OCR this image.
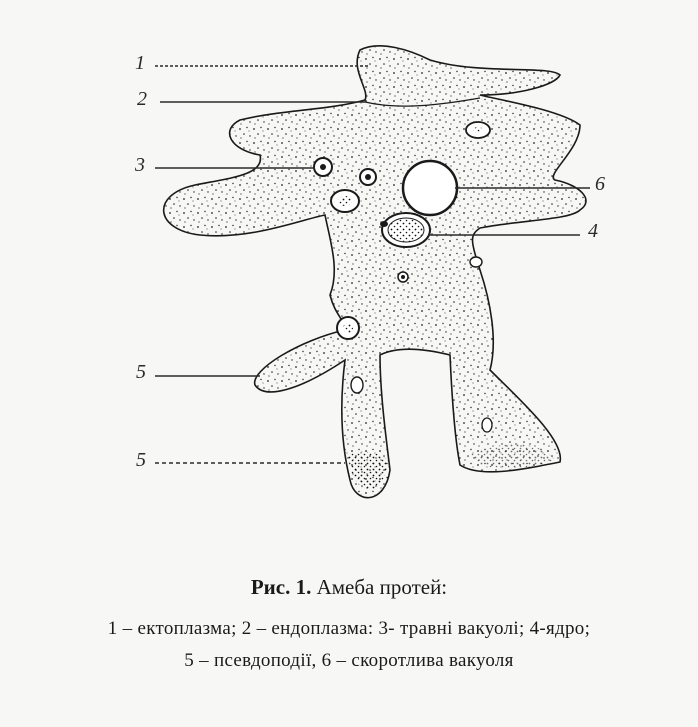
1
2
3
6
4
5
5
Рис. 1. Амеба протей:
1 – ектоплазма; 2 – ендоплазма: 3- травні вакуолі; 4-ядро;
5 – псевдоподії, 6 – скоротлива вакуоля
